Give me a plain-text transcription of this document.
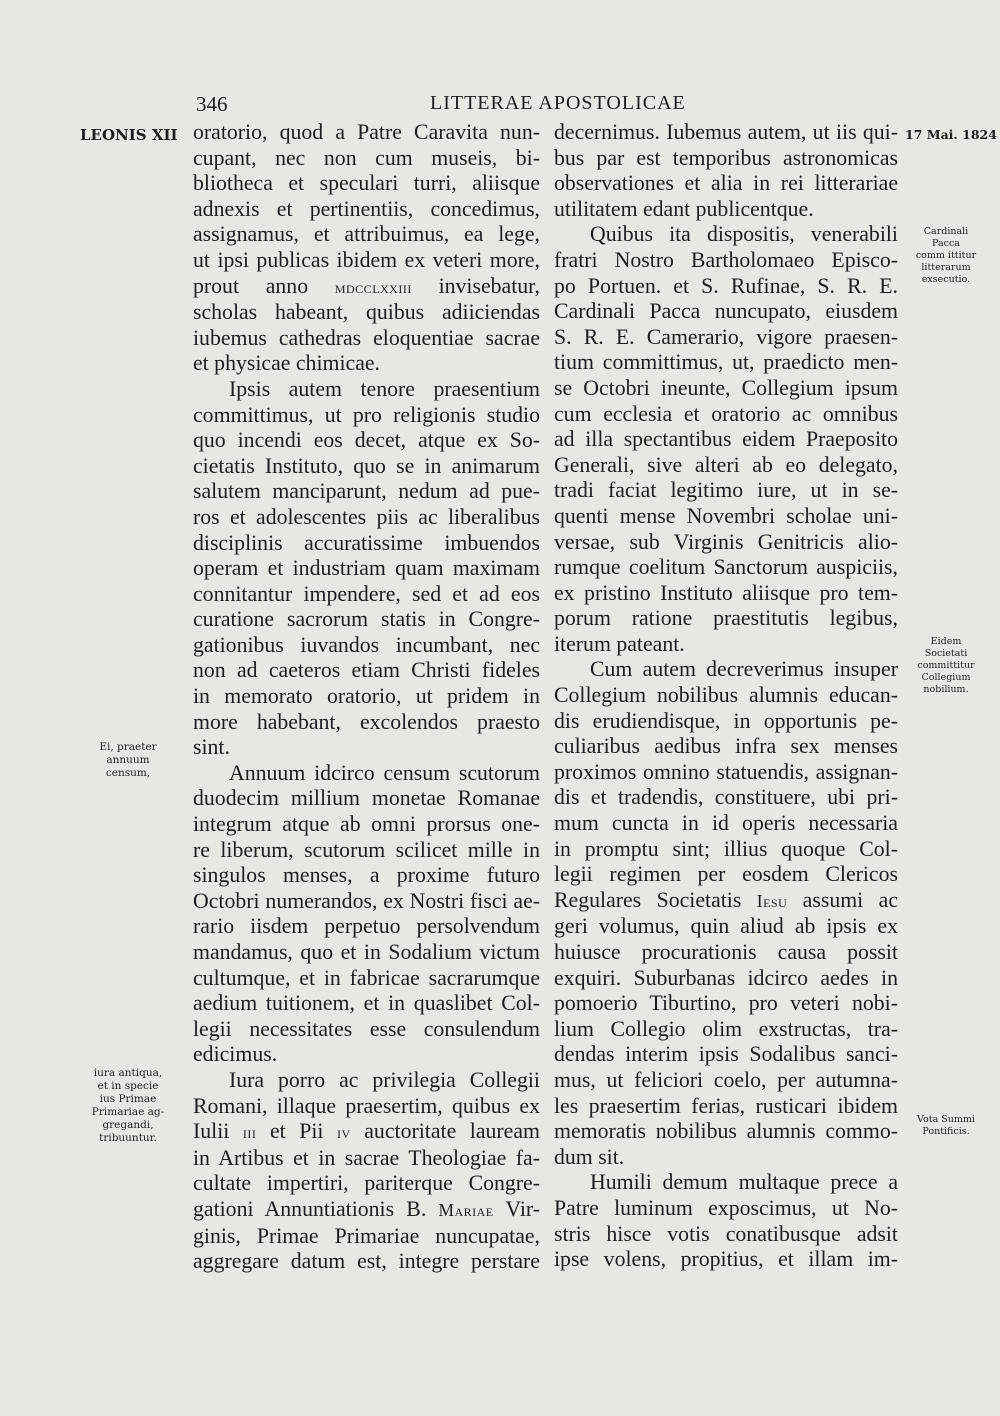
346	LITTERAE APOSTOLICAE
LEONIS XII	17 Mai. 1824
oratorio, quod a Patre Caravita nun-
cupant, nec non cum museis, bi-
bliotheca et speculari turri, aliisque
adnexis et pertinentiis, concedimus,
assignamus, et attribuimus, ea lege,
ut ipsi publicas ibidem ex veteri more,
prout anno mdcclxxiii invisebatur,
scholas habeant, quibus adiiciendas
iubemus cathedras eloquentiae sacrae
et physicae chimicae.
Ipsis autem tenore praesentium
committimus, ut pro religionis studio
quo incendi eos decet, atque ex So-
cietatis Instituto, quo se in animarum
salutem manciparunt, nedum ad pue-
ros et adolescentes piis ac liberalibus
disciplinis accuratissime imbuendos
operam et industriam quam maximam
connitantur impendere, sed et ad eos
curatione sacrorum statis in Congre-
gationibus iuvandos incumbant, nec
non ad caeteros etiam Christi fideles
in memorato oratorio, ut pridem in
more habebant, excolendos praesto
sint.
Annuum idcirco censum scutorum
duodecim millium monetae Romanae
integrum atque ab omni prorsus one-
re liberum, scutorum scilicet mille in
singulos menses, a proxime futuro
Octobri numerandos, ex Nostri fisci ae-
rario iisdem perpetuo persolvendum
mandamus, quo et in Sodalium victum
cultumque, et in fabricae sacrarumque
aedium tuitionem, et in quaslibet Col-
legii necessitates esse consulendum
edicimus.
Iura porro ac privilegia Collegii
Romani, illaque praesertim, quibus ex
Iulii iii et Pii iv auctoritate lauream
in Artibus et in sacrae Theologiae fa-
cultate impertiri, pariterque Congre-
gationi Annuntiationis B. Mariae Vir-
ginis, Primae Primariae nuncupatae,
aggregare datum est, integre perstare
decernimus. Iubemus autem, ut iis qui-
bus par est temporibus astronomicas
observationes et alia in rei litterariae
utilitatem edant publicentque.
Quibus ita dispositis, venerabili
fratri Nostro Bartholomaeo Episco-
po Portuen. et S. Rufinae, S. R. E.
Cardinali Pacca nuncupato, eiusdem
S. R. E. Camerario, vigore praesen-
tium committimus, ut, praedicto men-
se Octobri ineunte, Collegium ipsum
cum ecclesia et oratorio ac omnibus
ad illa spectantibus eidem Praeposito
Generali, sive alteri ab eo delegato,
tradi faciat legitimo iure, ut in se-
quenti mense Novembri scholae uni-
versae, sub Virginis Genitricis alio-
rumque coelitum Sanctorum auspiciis,
ex pristino Instituto aliisque pro tem-
porum ratione praestitutis legibus,
iterum pateant.
Cum autem decreverimus insuper
Collegium nobilibus alumnis educan-
dis erudiendisque, in opportunis pe-
culiaribus aedibus infra sex menses
proximos omnino statuendis, assignan-
dis et tradendis, constituere, ubi pri-
mum cuncta in id operis necessaria
in promptu sint; illius quoque Col-
legii regimen per eosdem Clericos
Regulares Societatis Iesu assumi ac
geri volumus, quin aliud ab ipsis ex
huiusce procurationis causa possit
exquiri. Suburbanas idcirco aedes in
pomoerio Tiburtino, pro veteri nobi-
lium Collegio olim exstructas, tra-
dendas interim ipsis Sodalibus sanci-
mus, ut feliciori coelo, per autumna-
les praesertim ferias, rusticari ibidem
memoratis nobilibus alumnis commo-
dum sit.
Humili demum multaque prece a
Patre luminum exposcimus, ut No-
stris hisce votis conatibusque adsit
ipse volens, propitius, et illam im-
Ei, praeter
annuum
censum,
iura antiqua,
et in specie
ius Primae
Primariae ag-
gregandi,
tribuuntur.
Cardinali
Pacca
comm ittitur
litterarum
exsecutio.
Eidem
Societati
committitur
Collegium
nobilium.
Vota Summi
Pontificis.
